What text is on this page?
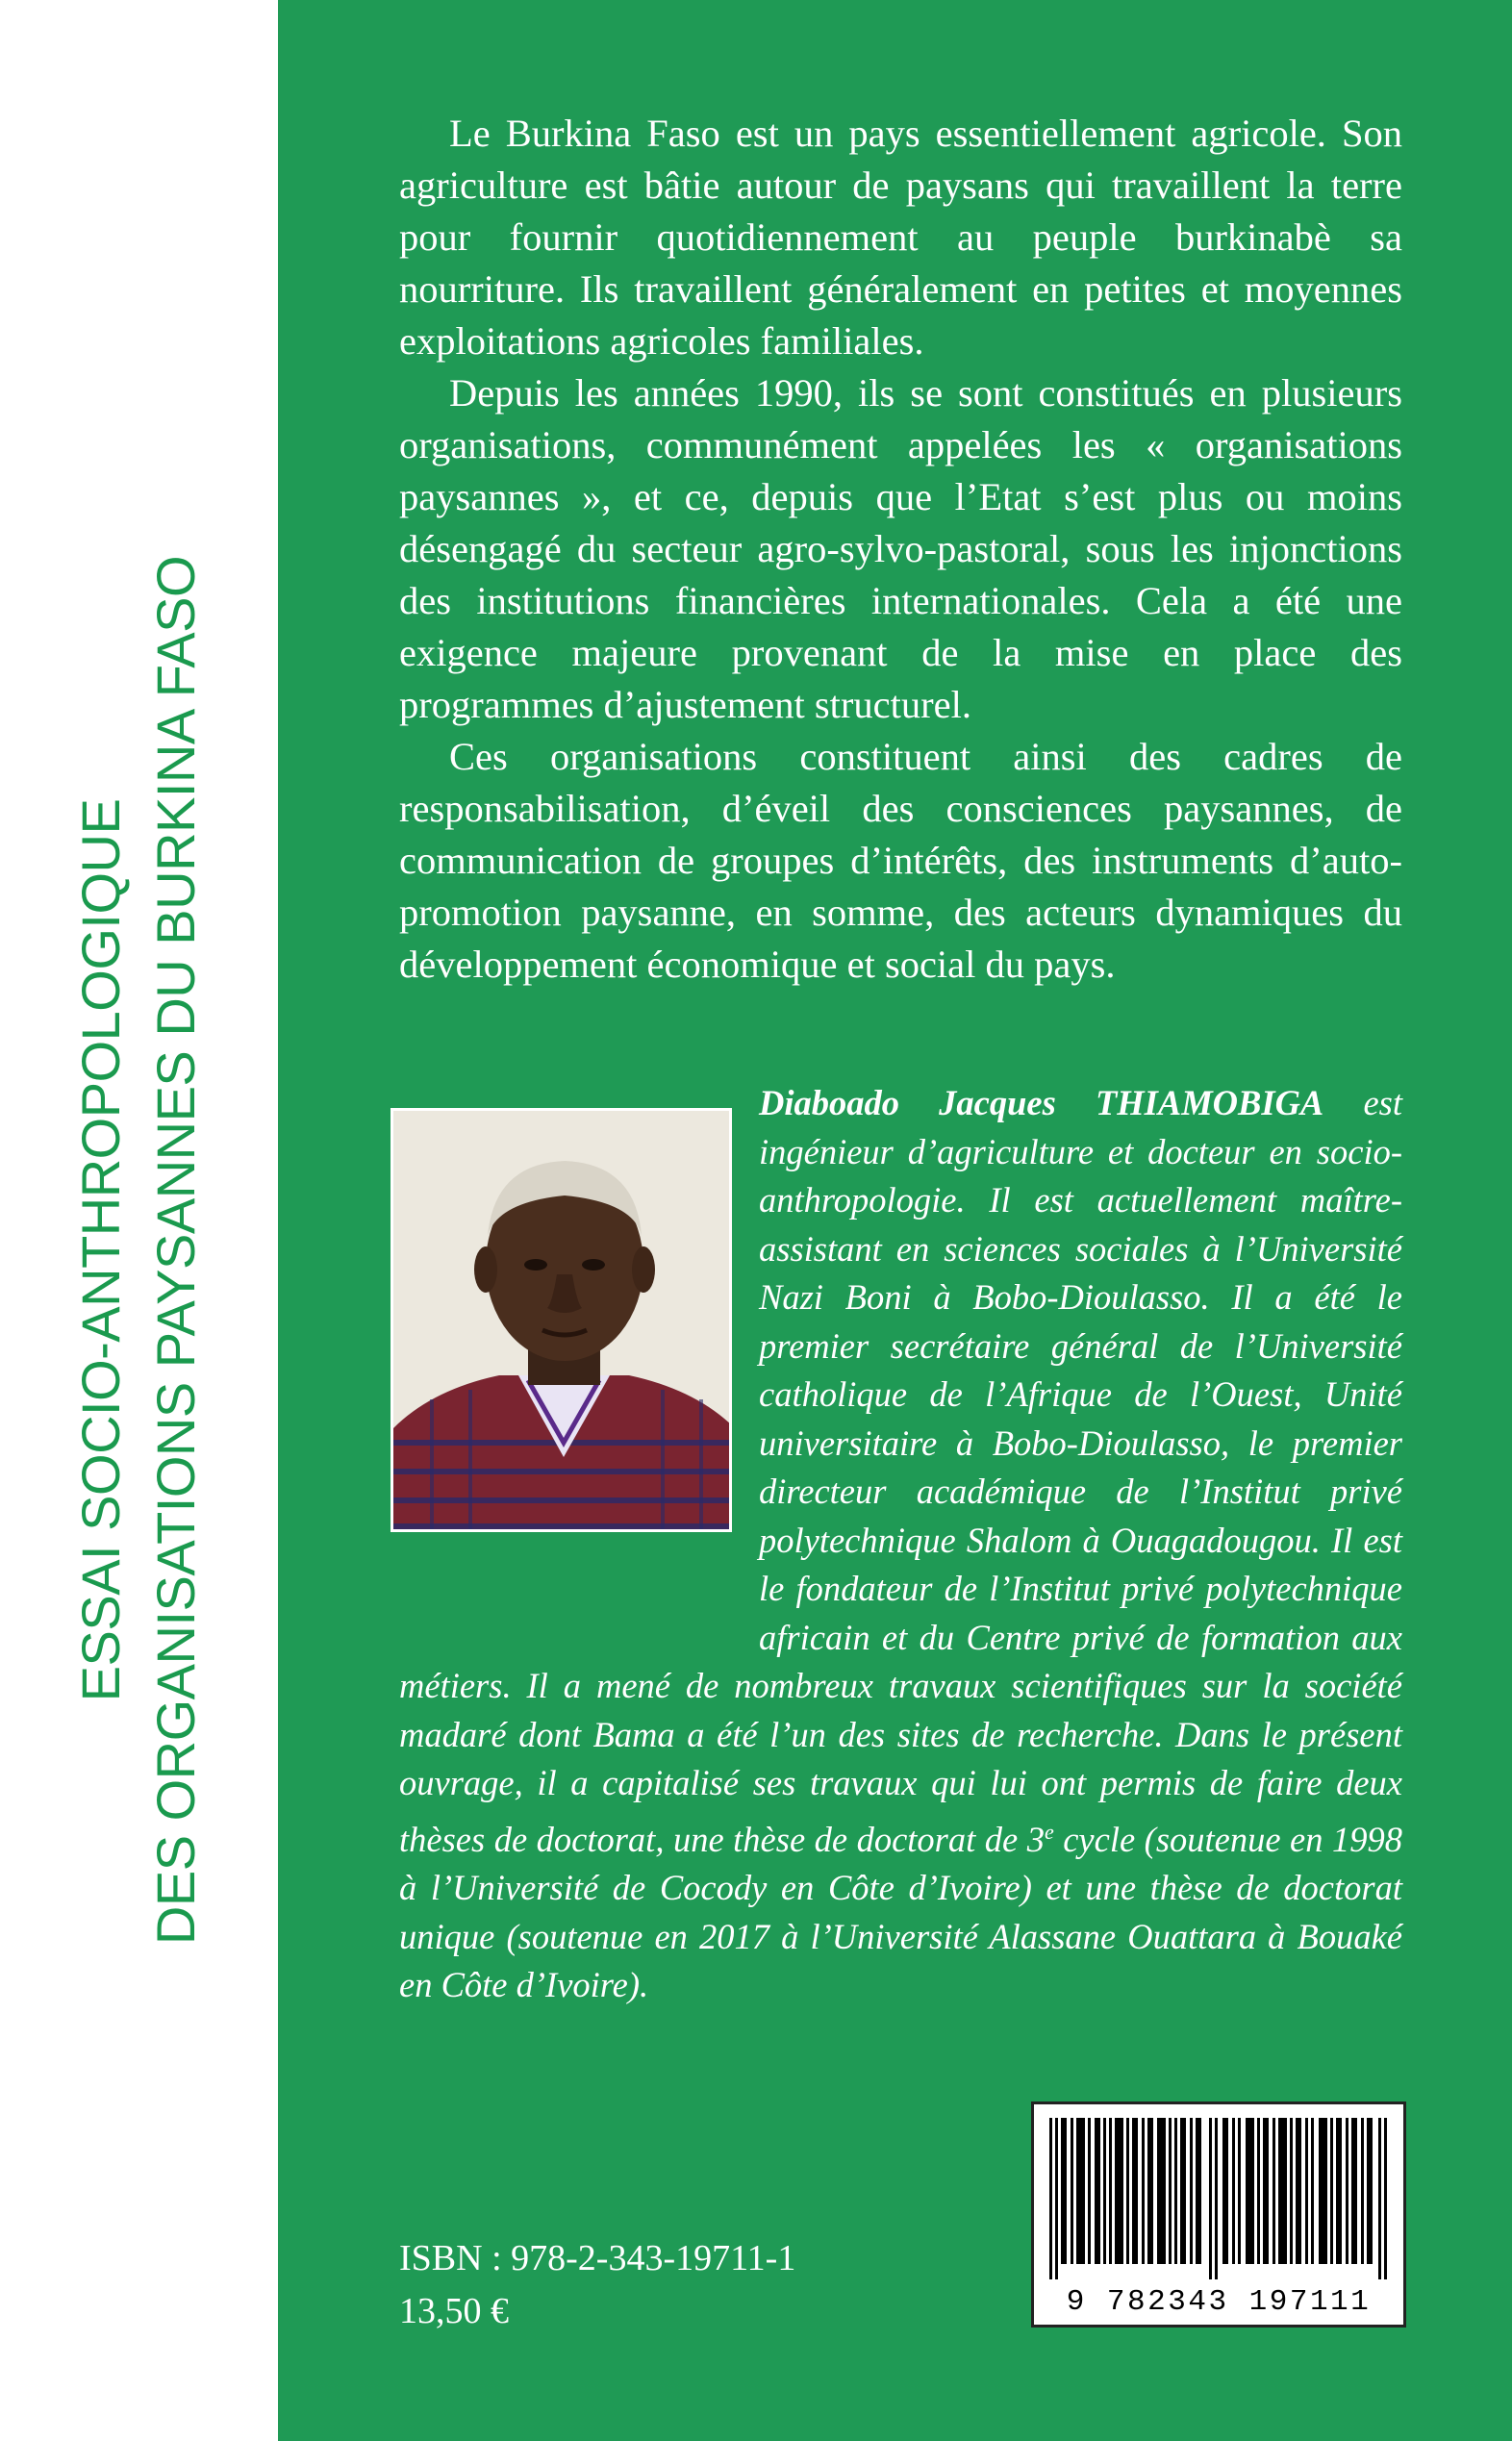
ESSAI SOCIO-ANTHROPOLOGIQUE DES ORGANISATIONS PAYSANNES DU BURKINA FASO

Le Burkina Faso est un pays essentiellement agricole. Son agriculture est bâtie autour de paysans qui travaillent la terre pour fournir quotidiennement au peuple burkinabè sa nourriture. Ils travaillent généralement en petites et moyennes exploitations agricoles familiales.

Depuis les années 1990, ils se sont constitués en plusieurs organisations, communément appelées les « organisations paysannes », et ce, depuis que l’Etat s’est plus ou moins désengagé du secteur agro-sylvo-pastoral, sous les injonctions des institutions financières internationales. Cela a été une exigence majeure provenant de la mise en place des programmes d’ajustement structurel.

Ces organisations constituent ainsi des cadres de responsabilisation, d’éveil des consciences paysannes, de communication de groupes d’intérêts, des instruments d’auto-promotion paysanne, en somme, des acteurs dynamiques du développement économique et social du pays.

Diaboado Jacques THIAMOBIGA est ingénieur d’agriculture et docteur en socio-anthropologie. Il est actuellement maître-assistant en sciences sociales à l’Université Nazi Boni à Bobo-Dioulasso. Il a été le premier secrétaire général de l’Université catholique de l’Afrique de l’Ouest, Unité universitaire à Bobo-Dioulasso, le premier directeur académique de l’Institut privé polytechnique Shalom à Ouagadougou. Il est le fondateur de l’Institut privé polytechnique africain et du Centre privé de formation aux métiers. Il a mené de nombreux travaux scientifiques sur la société madaré dont Bama a été l’un des sites de recherche. Dans le présent ouvrage, il a capitalisé ses travaux qui lui ont permis de faire deux thèses de doctorat, une thèse de doctorat de 3e cycle (soutenue en 1998 à l’Université de Cocody en Côte d’Ivoire) et une thèse de doctorat unique (soutenue en 2017 à l’Université Alassane Ouattara à Bouaké en Côte d’Ivoire).
9 782343 197111
ISBN : 978-2-343-19711-1
13,50 €
